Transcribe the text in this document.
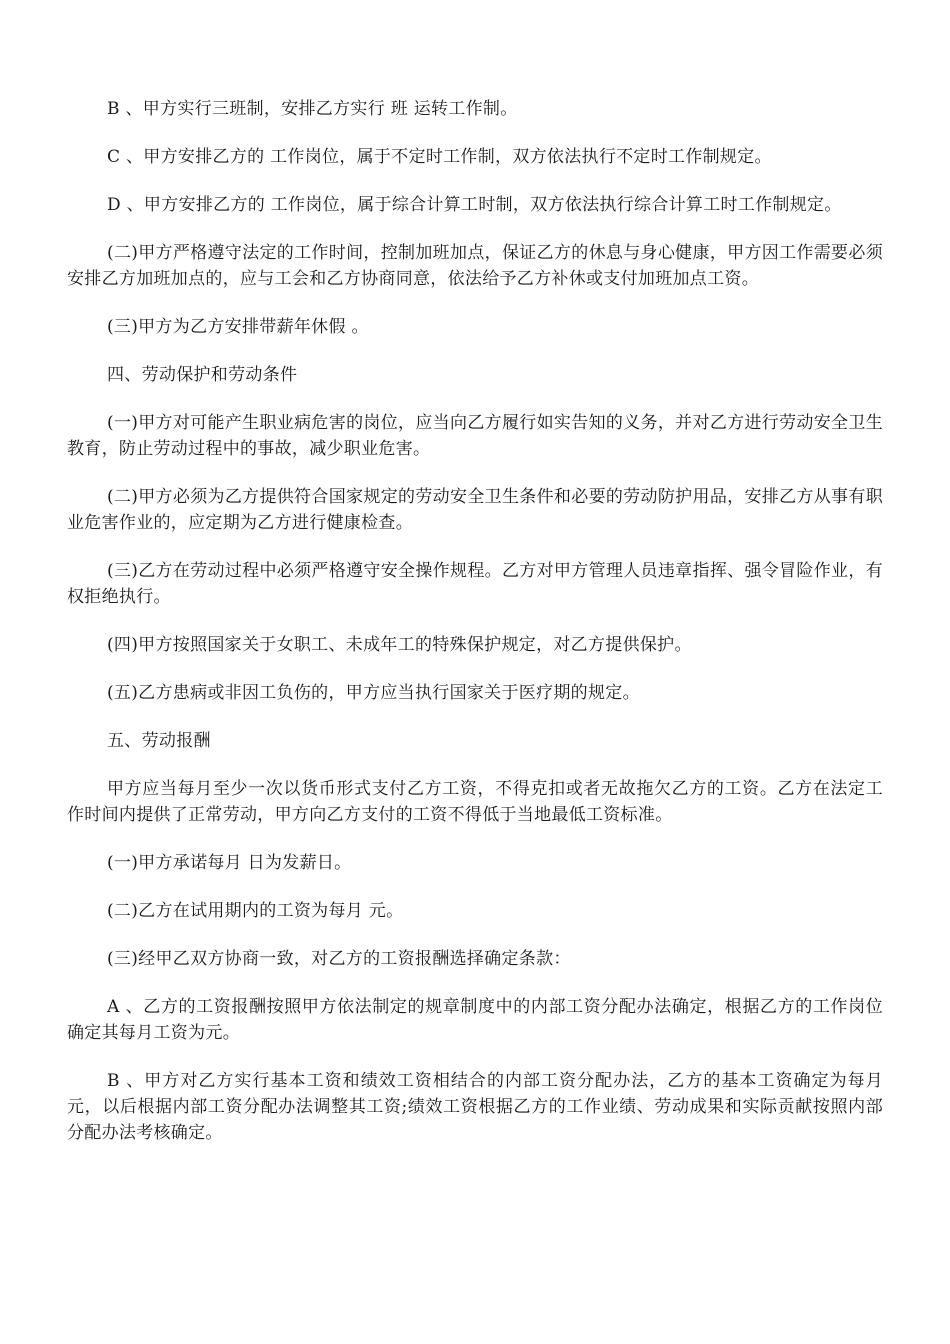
B 、甲方实行三班制，安排乙方实行 班 运转工作制。

C 、甲方安排乙方的 工作岗位，属于不定时工作制，双方依法执行不定时工作制规定。

D 、甲方安排乙方的 工作岗位，属于综合计算工时制，双方依法执行综合计算工时工作制规定。

(二)甲方严格遵守法定的工作时间，控制加班加点，保证乙方的休息与身心健康，甲方因工作需要必须安排乙方加班加点的，应与工会和乙方协商同意，依法给予乙方补休或支付加班加点工资。

(三)甲方为乙方安排带薪年休假 。

四、劳动保护和劳动条件

(一)甲方对可能产生职业病危害的岗位，应当向乙方履行如实告知的义务，并对乙方进行劳动安全卫生教育，防止劳动过程中的事故，减少职业危害。

(二)甲方必须为乙方提供符合国家规定的劳动安全卫生条件和必要的劳动防护用品，安排乙方从事有职业危害作业的，应定期为乙方进行健康检查。

(三)乙方在劳动过程中必须严格遵守安全操作规程。乙方对甲方管理人员违章指挥、强令冒险作业，有权拒绝执行。

(四)甲方按照国家关于女职工、未成年工的特殊保护规定，对乙方提供保护。

(五)乙方患病或非因工负伤的，甲方应当执行国家关于医疗期的规定。

五、劳动报酬

甲方应当每月至少一次以货币形式支付乙方工资，不得克扣或者无故拖欠乙方的工资。乙方在法定工作时间内提供了正常劳动，甲方向乙方支付的工资不得低于当地最低工资标准。

(一)甲方承诺每月 日为发薪日。

(二)乙方在试用期内的工资为每月 元。

(三)经甲乙双方协商一致，对乙方的工资报酬选择确定条款：

A 、乙方的工资报酬按照甲方依法制定的规章制度中的内部工资分配办法确定，根据乙方的工作岗位确定其每月工资为元。

B 、甲方对乙方实行基本工资和绩效工资相结合的内部工资分配办法，乙方的基本工资确定为每月元，以后根据内部工资分配办法调整其工资;绩效工资根据乙方的工作业绩、劳动成果和实际贡献按照内部分配办法考核确定。
